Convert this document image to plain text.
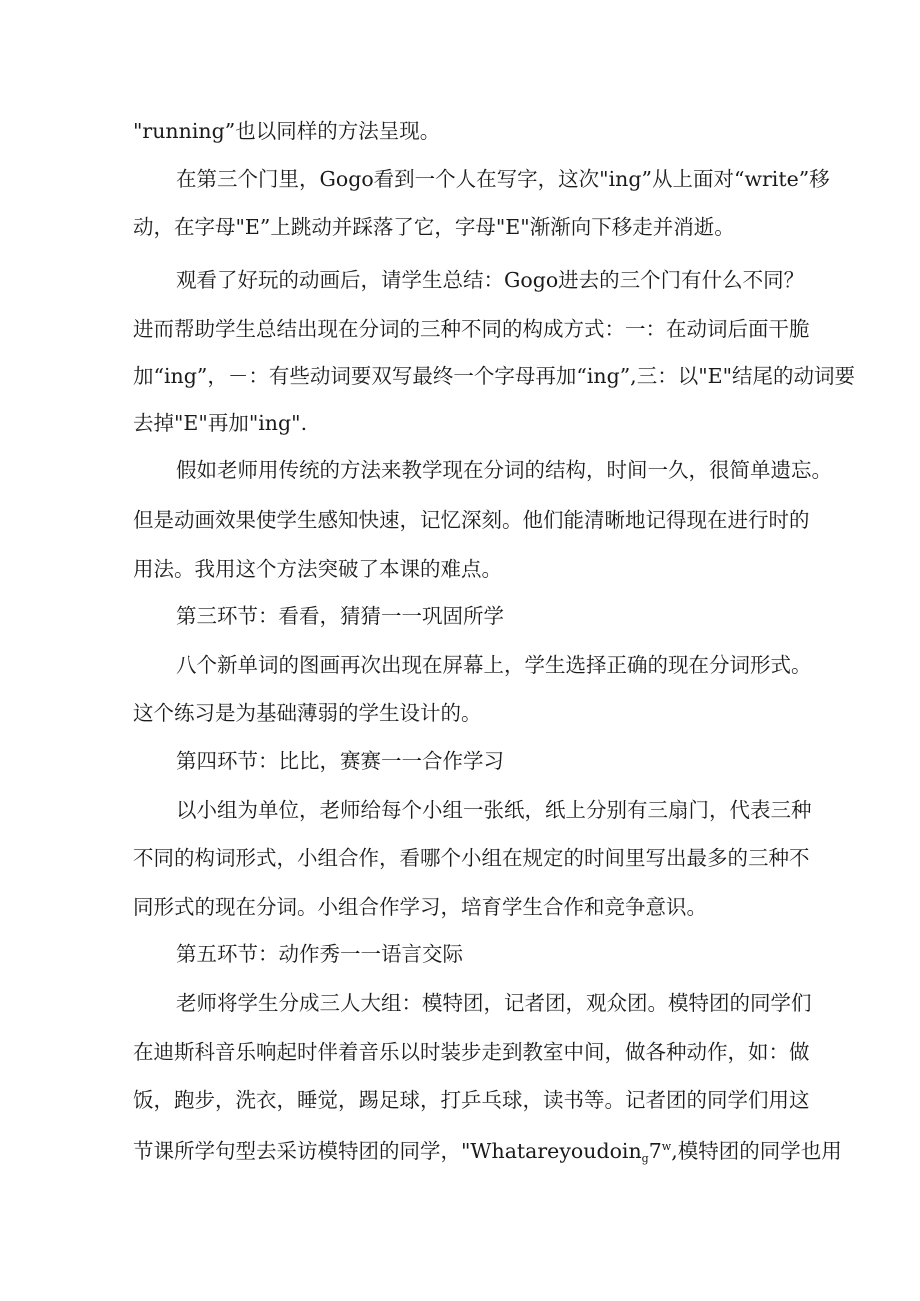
"running”也以同样的方法呈现。
在第三个门里，Gogo看到一个人在写字，这次"ing”从上面对“write”移
动，在字母"E”上跳动并踩落了它，字母"E"渐渐向下移走并消逝。
观看了好玩的动画后，请学生总结：Gogo进去的三个门有什么不同？
进而帮助学生总结出现在分词的三种不同的构成方式：一：在动词后面干脆
加“ing”，－：有些动词要双写最终一个字母再加“ing”,三：以"E"结尾的动词要
去掉"E"再加"ing".
假如老师用传统的方法来教学现在分词的结构，时间一久，很简单遗忘。
但是动画效果使学生感知快速，记忆深刻。他们能清晰地记得现在进行时的
用法。我用这个方法突破了本课的难点。
第三环节：看看，猜猜一一巩固所学
八个新单词的图画再次出现在屏幕上，学生选择正确的现在分词形式。
这个练习是为基础薄弱的学生设计的。
第四环节：比比，赛赛一一合作学习
以小组为单位，老师给每个小组一张纸，纸上分别有三扇门，代表三种
不同的构词形式，小组合作，看哪个小组在规定的时间里写出最多的三种不
同形式的现在分词。小组合作学习，培育学生合作和竞争意识。
第五环节：动作秀一一语言交际
老师将学生分成三人大组：模特团，记者团，观众团。模特团的同学们
在迪斯科音乐响起时伴着音乐以时装步走到教室中间，做各种动作，如：做
饭，跑步，洗衣，睡觉，踢足球，打乒乓球，读书等。记者团的同学们用这
节课所学句型去采访模特团的同学，"$Whatareyoudoin_g7^w$,模特团的同学也用
